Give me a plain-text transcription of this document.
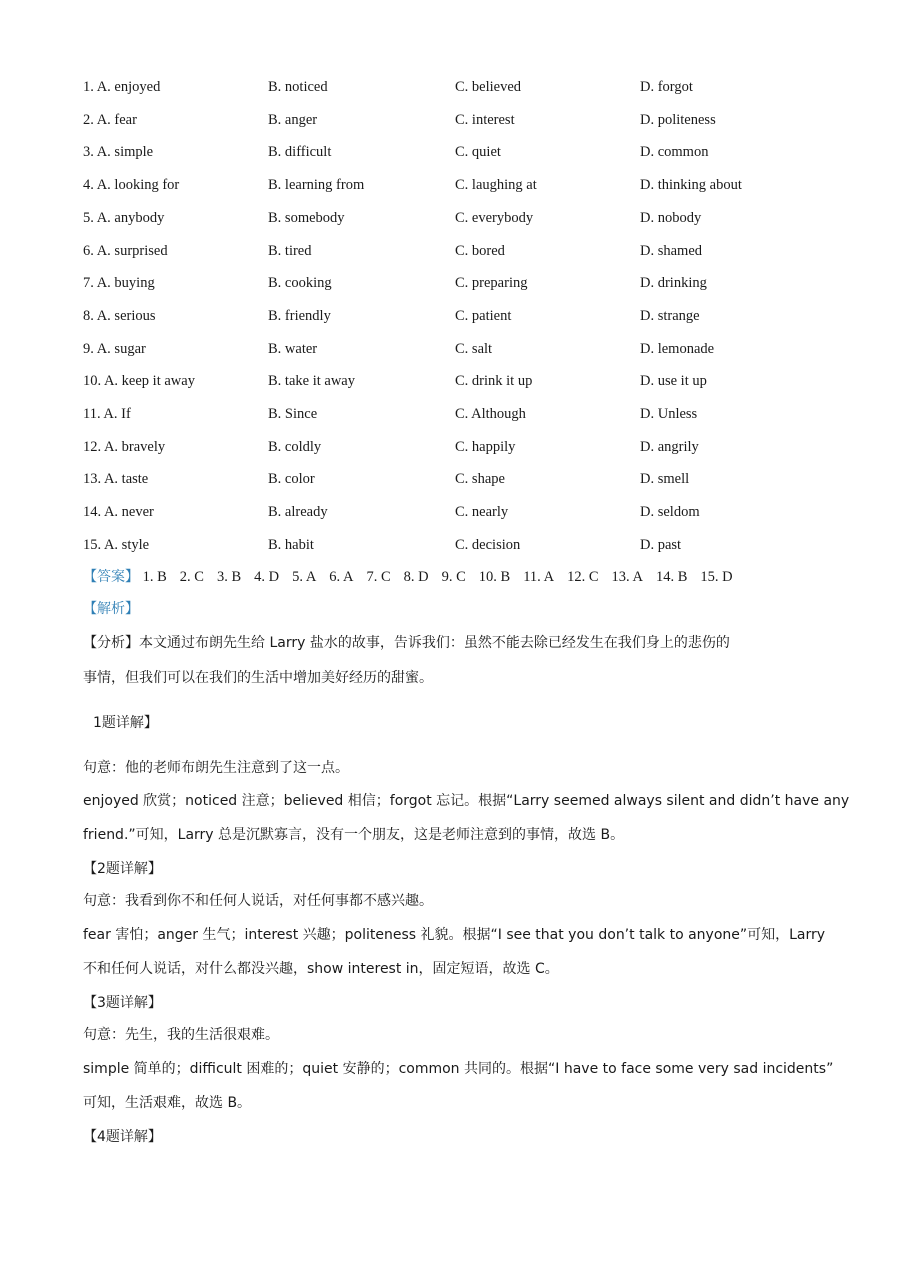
1. A. enjoyed	B. noticed	C. believed	D. forgot
2. A. fear	B. anger	C. interest	D. politeness
3. A. simple	B. difficult	C. quiet	D. common
4. A. looking for	B. learning from	C. laughing at	D. thinking about
5. A. anybody	B. somebody	C. everybody	D. nobody
6. A. surprised	B. tired	C. bored	D. shamed
7. A. buying	B. cooking	C. preparing	D. drinking
8. A. serious	B. friendly	C. patient	D. strange
9. A. sugar	B. water	C. salt	D. lemonade
10. A. keep it away	B. take it away	C. drink it up	D. use it up
11. A. If	B. Since	C. Although	D. Unless
12. A. bravely	B. coldly	C. happily	D. angrily
13. A. taste	B. color	C. shape	D. smell
14. A. never	B. already	C. nearly	D. seldom
15. A. style	B. habit	C. decision	D. past
【答案】 1. B 2. C 3. B 4. D 5. A 6. A 7. C 8. D 9. C 10. B 11. A 12. C 13. A 14. B 15. D
【解析】
【分析】本文通过布朗先生给 Larry 盐水的故事，告诉我们：虽然不能去除已经发生在我们身上的悲伤的
事情，但我们可以在我们的生活中增加美好经历的甜蜜。
1题详解】
句意：他的老师布朗先生注意到了这一点。
enjoyed 欣赏；noticed 注意；believed 相信；forgot 忘记。根据“Larry seemed always silent and didn’t have any
friend.”可知，Larry 总是沉默寡言，没有一个朋友，这是老师注意到的事情，故选 B。
【2题详解】
句意：我看到你不和任何人说话，对任何事都不感兴趣。
fear 害怕；anger 生气；interest 兴趣；politeness 礼貌。根据“I see that you don’t talk to anyone”可知，Larry
不和任何人说话，对什么都没兴趣，show interest in，固定短语，故选 C。
【3题详解】
句意：先生，我的生活很艰难。
simple 简单的；difficult 困难的；quiet 安静的；common 共同的。根据“I have to face some very sad incidents”
可知，生活艰难，故选 B。
【4题详解】
